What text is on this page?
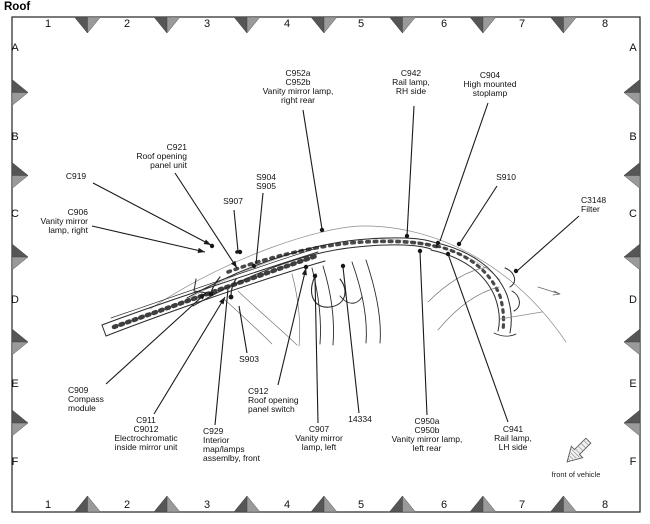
Roof
C952a
C952b
Vanity mirror lamp,
right rear
C942
Rail lamp,
RH side
C904
High mounted
stoplamp
C921
Roof opening
panel unit
C919
C906
Vanity mirror
lamp, right
S907
S904
S905
S910
C3148
Filter
S903
C909
Compass
module
C911
C9012
Electrochromatic
inside mirror unit
C929
Interior
map/lamps
assemlby, front
C912
Roof opening
panel switch
C907
Vanity mirror
lamp, left
14334	C950a
C950b
Vanity mirror lamp,
left rear
C941
Rail lamp,
LH side
1
1
2
2
3
3
4
4
5
5
6
6
7
7
8
8
A	A
B	B
C	C
D	D
E	E
F	F
front of vehicle
